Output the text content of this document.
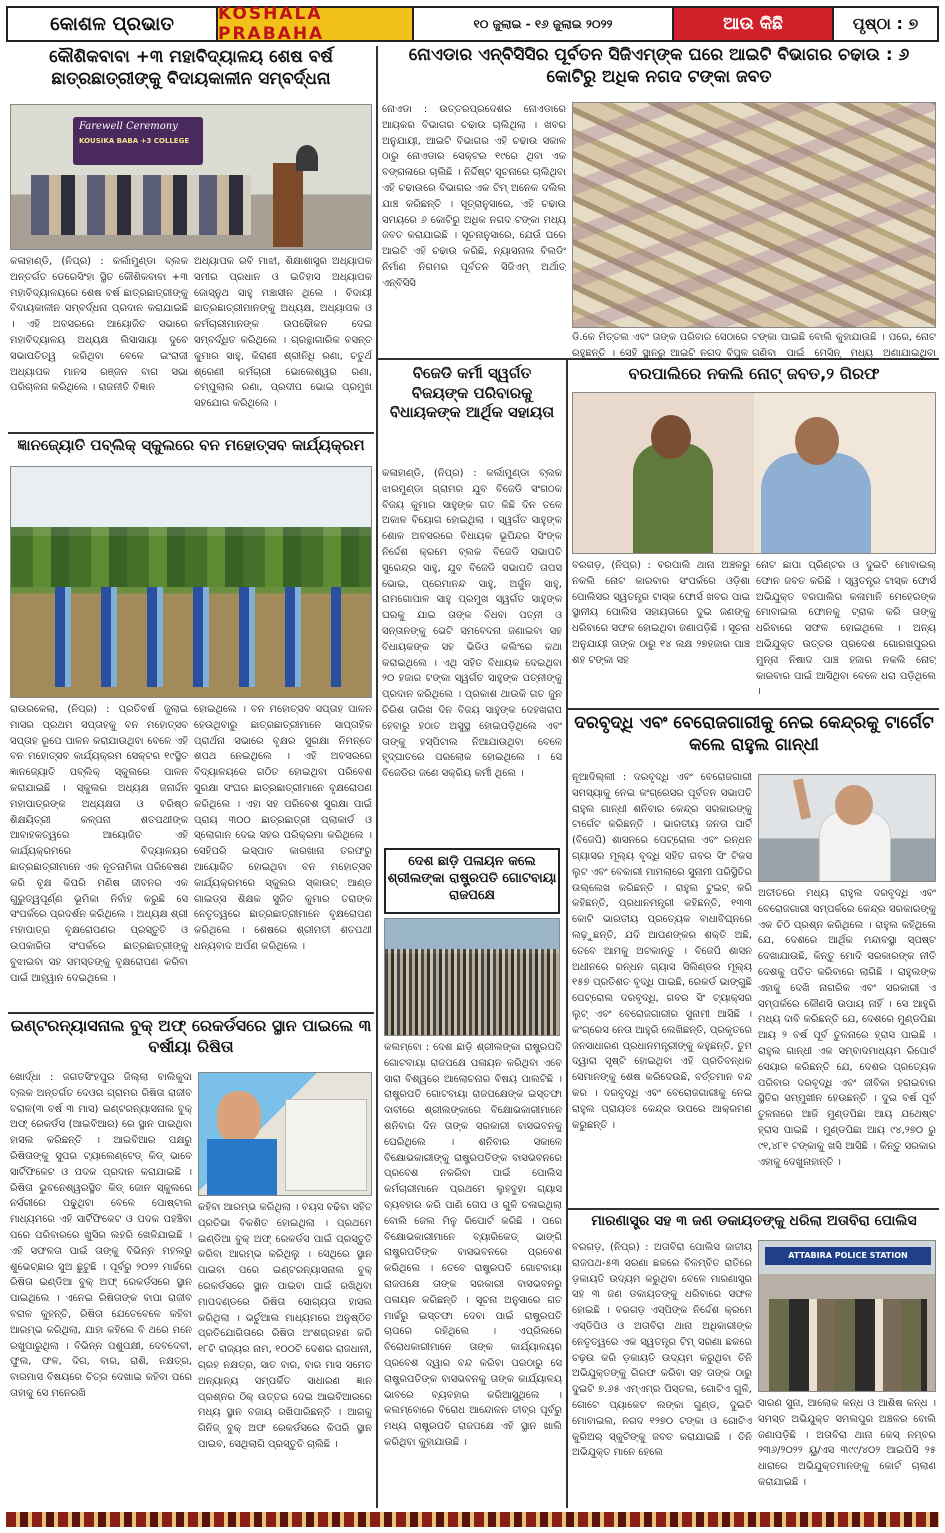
କୋଶଳ ପ୍ରଭାତ	KOSHALA PRABAHA
୧୦ ଜୁଲାଇ - ୧୬ ଜୁଲାଇ ୨୦୨୨	ଆଉ କିଛି	ପୃଷ୍ଠା : ୭
କୌଶିକବାବା +୩ ମହାବିଦ୍ୟାଳୟ ଶେଷ ବର୍ଷ ଛାତ୍ରଛାତ୍ରୀଙ୍କୁ ବିଦାୟକାଳୀନ ସମ୍ବର୍ଦ୍ଧନା
Farewell Ceremony
KOUSIKA BABA +3 COLLEGE
କଳାହାଣ୍ଡି, (ନିପ୍ର) : କର୍ଲାମୁଣ୍ଡା ବ୍ଲକ ଅନ୍ତର୍ଗତ ଡେରେସିଂହା ସ୍ଥିତ କୌଶିକବାବା +୩ ମହାବିଦ୍ୟାଳୟରେ ଶେଷ ବର୍ଷ ଛାତ୍ରଛାତ୍ରୀଙ୍କୁ ବିଦାୟକାଳୀନ ସମ୍ବର୍ଦ୍ଧନା ପ୍ରଦାନ କରାଯାଇଛି । ଏହି ଅବସରରେ ଆୟୋଜିତ ସଭାରେ ମହାବିଦ୍ୟାଳୟ ଅଧ୍ୟକ୍ଷ ଲିସାସାୟା ଦୁବେ ସଭାପତିତ୍ୱ କରିଥିବା ବେଳେ ଇଂରାଜୀ ଅଧ୍ୟାପକ ମାନସ ରଞ୍ଜନ ବାଗ ସଭା ପରିଚାଳନା କରିଥିଲେ । ରାଜନୀତି ବିଜ୍ଞାନ
ଅଧ୍ୟାପକ ରବି ମାଝୀ, ଶିକ୍ଷାଶାସ୍ତ୍ର ଅଧ୍ୟାପକ ସମୀର ପ୍ରଧାନ ଓ ଇତିହାସ ଅଧ୍ୟାପକ ଜୋସ୍ନୁଥ ସାହୁ ମଞ୍ଚାସୀନ ଥିଲେ । ବିଦାୟୀ ଛାତ୍ରଛାତ୍ରୀମାନଙ୍କୁ ଅଧ୍ୟକ୍ଷ, ଅଧ୍ୟାପକ ଓ କର୍ମଚାରୀମାନଙ୍କ ଉପଢୌକନ ଦେଇ ସମ୍ବର୍ଦ୍ଧିତ କରିଥିଲେ । ଗ୍ରନ୍ଥାଗାରିକ ବସନ୍ତ କୁମାର ସାହୁ, କିରାଣୀ ଶ୍ରୀନିଧି ରଣା, ଚତୁର୍ଥ ଶ୍ରେଣୀ କର୍ମଚାରୀ ଭୋଲେଶ୍ୱର ରଣା, ଚମ୍ପୁଲାଲ ରଣା, ପ୍ରଦୀପ ଭୋଇ ପ୍ରମୁଖ ସହଯୋଗ କରିଥିଲେ ।
ଜ୍ଞାନଜ୍ୟୋତି ପବ୍ଲିକ୍ ସ୍କୁଲରେ ବନ ମହୋତ୍ସବ କାର୍ଯ୍ୟକ୍ରମ
ରାଉରକେଲା, (ନିପ୍ର) : ପ୍ରତିବର୍ଷ ଜୁଲାଇ ମାସର ପ୍ରଥମ ସପ୍ତାହକୁ ବନ ମହୋତ୍ସବ ସପ୍ତାହ ରୂପେ ପାଳନ କରାଯାଉଥିବା ବେଳେ ଏହି ବନ ମହୋତ୍ସବ କାର୍ଯ୍ୟକ୍ରମ ସେକ୍ଟର ୧୯ସ୍ଥିତ ଜ୍ଞାନଜ୍ୟୋତି ପବ୍ଲିକ୍ ସ୍କୁଲରେ ପାଳନ କରାଯାଇଛି । ସ୍କୁଲର ଅଧ୍ୟକ୍ଷ ଜନାର୍ଦ୍ଦନ ମହାପାତ୍ରଙ୍କ ଅଧ୍ୟକ୍ଷତା ଓ ବରିଷ୍ଠ ଶିକ୍ଷୟିତ୍ରୀ କଳ୍ପନା ଶତପଥୀଙ୍କ ଆବାହକତ୍ୱରେ ଆୟୋଜିତ ଏହି କାର୍ଯ୍ୟକ୍ରମରେ ବିଦ୍ୟାଳୟର ଛାତ୍ରଛାତ୍ରୀମାନେ ଏକ ନୂତନାମିକା ପରିବେଷଣ କରି ବୃକ୍ଷ କିପରି ମଣିଷ ଜୀବନର ଏକ ଗୁରୁତ୍ୱପୂର୍ଣ୍ଣ ଭୂମିକା ନିର୍ବାହ କରୁଛି ସେ ସଂପର୍କରେ ପ୍ରଦର୍ଶନ କରିଥିଲେ । ଅଧ୍ୟକ୍ଷ ଶ୍ରୀ ମହାପାତ୍ର ବୃକ୍ଷରୋପଣର ପ୍ରସ୍ତୁତି ଓ ଉପକାରିତା ସଂପର୍କରେ ଛାତ୍ରଛାତ୍ରୀଙ୍କୁ ବୁଝାଇବା ସହ ସମସ୍ତଙ୍କୁ ବୃକ୍ଷରୋପଣ କରିବା ପାଇଁ ଆହ୍ୱାନ ଦେଇଥିଲେ ।
ହୋଇଥିଲେ । ବନ ମହୋତ୍ସବ ସପ୍ତାହ ପାଳନ ହେଉଥିବାରୁ ଛାତ୍ରଛାତ୍ରୀମାନେ ସାପ୍ତାହିକ ପ୍ରାର୍ଥନା ସଭାରେ ବୃକ୍ଷର ସୁରକ୍ଷା ନିମନ୍ତେ ଶପଥ ନେଇଥିଲେ । ଏହି ଅବସରରେ ବିଦ୍ୟାଳୟରେ ଗଠିତ ହୋଇଥିବା ପରିବେଶ ସୁରକ୍ଷା ସଂଘର ଛାତ୍ରଛାତ୍ରୀମାନେ ବୃକ୍ଷରୋପଣ କରିଥିଲେ । ଏହା ସହ ପରିବେଶ ସୁରକ୍ଷା ପାଇଁ ପ୍ରାୟ ୩୦୦ ଛାତ୍ରଛାତ୍ରୀ ପ୍ଲାକାର୍ଡ ଓ ସ୍ଲୋଗାନ ଦେଇ ସହର ପରିକ୍ରମା କରିଥିଲେ । ସେହିପରି ଇସ୍ପାତ କାରଖାନା ତରଫରୁ ଆୟୋଜିତ ହୋଇଥିବା ବନ ମହୋତ୍ସବ କାର୍ଯ୍ୟକ୍ରମରେ ସ୍କୁଲର ସ୍କାଉଟ୍ ଆଣ୍ଡ ଗାଇଡ୍ସ ଶିକ୍ଷକ ସୁଜିତ କୁମାର ତରାଙ୍କ ନେତୃତ୍ୱରେ ଛାତ୍ରଛାତ୍ରୀମାନେ ବୃକ୍ଷରୋପଣ କରିଥିଲେ । ଶେଷରେ ଶ୍ରୀମତୀ ଶତପଥୀ ଧନ୍ୟବାଦ ଅର୍ପଣ କରିଥିଲେ ।
ଇଣ୍ଟରନ୍ୟାସନାଲ ବୁକ୍ ଅଫ୍ ରେକର୍ଡସରେ ସ୍ଥାନ ପାଇଲେ ୩ ବର୍ଷୀୟା ରିଷିତା
ଖୋର୍ଦ୍ଧା : ଜଗତସିଂହପୁର ଜିଲ୍ଲା ବାଲିକୁଦା ବ୍ଲକ ଅନ୍ତର୍ଗତ ଦେଓଗ ଗ୍ରାମର ରିଷିତା ରାଜୀବ ବରାଳ(୩ ବର୍ଷ ୩ ମାସ) ଇଣ୍ଟରନ୍ୟାସନାଲ ବୁକ୍ ଅଫ୍ ରେକର୍ଡସ (ଆଇବିଆର) ରେ ସ୍ଥାନ ପାଇଥିବା ହାସଲ କରିଛନ୍ତି । ଆଇବିଆର ପକ୍ଷରୁ ରିଷିତାଙ୍କୁ ସୁପର ଟ୍ୟାଲେଣ୍ଟେଡ୍ କିଡ୍ ଭାବେ ସାର୍ଟିଫିକେଟ ଓ ପଦକ ପ୍ରଦାନ କରାଯାଇଛି । ରିଷିତା ଭୁବନେଶ୍ୱରସ୍ଥିତ କିଡ୍ ଜୋନ ସ୍କୁଲରେ ନର୍ସରୀରେ ପଢୁଥିବା ବେଳେ ପୋଷ୍ଟାଲ ମାଧ୍ୟମରେ ଏହି ସାର୍ଟିଫିକେଟ ଓ ପଦକ ପହଞ୍ଚିବା ପରେ ପରିବାରରେ ଖୁସିର ଲହରି ଖେଳିଯାଇଛି । ଏହି ସଫଳତା ପାଇଁ ତାଙ୍କୁ ବିଭିନ୍ନ ମହଲରୁ ଶୁଭେଚ୍ଛାର ସୁଅ ଛୁଟୁଛି । ପୂର୍ବରୁ ୨୦୨୨ ମାର୍ଚ୍ଚରେ ରିଷିତା ଇଣ୍ଡିଆ ବୁକ୍ ଅଫ୍ ରେକର୍ଡସରେ ସ୍ଥାନ ପାଇଥିଲେ । ଏନେଇ ରିଷିତାଙ୍କ ବାପା ରାଜୀବ ବରାଳ କୁହନ୍ତି, ରିଷିତା ଯେତେବେଳେ କହିବା ଆରମ୍ଭ କରିଥିଲା, ଯାହା କହିଲେ ବି ଥରେ ମନେ ରଖୁପାରୁଥିଲା । ବିଭିନ୍ନ ପଶୁପକ୍ଷୀ, ଦେବଦେବୀ, ଫୁଲ, ଫଳ, ଦିଗ, ବାର, ରାଶି, ନକ୍ଷତ୍ର, ବାରମାସ ବିଷୟରେ ଚିତ୍ର ଦେଖାଇ କହିବା ପରେ ତାହାକୁ ସେ ମନେରଖି
କହିବା ଆରମ୍ଭ କରିଥିଲା । ବୟସ ବଢିବା ସହିତ ପ୍ରତିଭା ବିକଶିତ ହୋଇଥିଲା । ପ୍ରଥମେ ଇଣ୍ଡିଆ ବୁକ୍ ଅଫ୍ ରେକର୍ଡସ ପାଇଁ ପ୍ରସ୍ତୁତି କରିବା ଆରମ୍ଭ କରିଥିଲୁ । ସେଥିରେ ସ୍ଥାନ ପାଇବା ପରେ ଇଣ୍ଟରନ୍ୟାସନାଲ ବୁକ୍ ରେକର୍ଡସରେ ସ୍ଥାନ ପାଇବା ପାଇଁ ରଖିଥିବା ମାପଦଣ୍ଡରେ ରିଷିତା ସୋଗ୍ୟତା ହାସଲ କରିଥିଲା । ଭର୍ଚୁଆଲ ମାଧ୍ୟମରେ ଅନୁଷ୍ଠିତ ପ୍ରତିଯୋଗିତାରେ ରିଷିତା ଅଂଶଗ୍ରହଣ କରି ୧୮ଟି ରାଜ୍ୟର ନାମ, ୧୦୦ଟି ଦେଶର ରାଜଧାନୀ, ଗ୍ରହ ନକ୍ଷତ୍ର, ସାତ ବାର, ବାର ମାସ ସମେତ ଅନ୍ୟାନ୍ୟ ସମ୍ପର୍କିତ ସାଧାରଣ ଜ୍ଞାନ ପ୍ରଶ୍ନର ଠିକ୍ ଉତ୍ତର ଦେଇ ଆଇବିଆରରେ ମଧ୍ୟ ସ୍ଥାନ ବଜାୟ ରଖିପାରିଛନ୍ତି । ଆଗକୁ ଗିନିଜ୍ ବୁକ୍ ଅଫ ରେକର୍ଡସରେ କିପରି ସ୍ଥାନ ପାଇବ, ସେଥିଲାଗି ପ୍ରସ୍ତୁତି ଚାଲିଛି ।
ନୋଏଡାର ଏନ୍‌ବିସିସିର ପୂର୍ବତନ ସିଜିଏମ୍‌ଙ୍କ ଘରେ ଆଇଟି ବିଭାଗର ଚଢାଉ : ୬ କୋଟିରୁ ଅଧିକ ନଗଦ ଟଙ୍କା ଜବତ
ନୋଏଡା : ଉତ୍ତରପ୍ରଦେଶର ନୋଏଡାରେ ଆୟକର ବିଭାଗର ଚଢାଉ ଚାଲିଥିଲା । ଖବର ଅନୁଯାୟୀ, ଆଇଟି ବିଭାଗର ଏହି ଚଢାଉ ସକାଳ ଠାରୁ ନୋଏଡାର ସେକ୍ଟର ୧୯ରେ ଥିବା ଏକ ବଙ୍ଗଳାରେ ଚାଲିଛି । ନିର୍ଦ୍ଦିଷ୍ଟ ସୂଚନାରେ ଚାଲିଥିବା ଏହି ଚଢାଉରେ ବିଭାଗର ଏକ ଟିମ୍ ଅନେକ ଦଲିଲ ଯାଞ୍ଚ କରିଛନ୍ତି । ସୂତ୍ରାନୁସାରେ, ଏହି ଚଢାଉ ସମୟରେ ୬ କୋଟିରୁ ଅଧିକ ନଗଦ ଟଙ୍କା ମଧ୍ୟ ଜବତ କରାଯାଇଛି । ସୂଚନାନୁସାରେ, ଯେଉଁ ଘରେ ଆଇଟି ଏହି ଚଢାଉ କରିଛି, ନ୍ୟାସନାଲ ବିଲଡିଂ ନିର୍ମାଣ ନିଗମର ପୂର୍ବତନ ସିଜିଏମ୍ ଅର୍ଥାତ୍ ଏନ୍‌ବିସିସି
ଡି.କେ ମିତ୍ତଲ ଏବଂ ତାଙ୍କ ପରିବାର ସେଠାରେ ରହୁଛନ୍ତି । ସେହି ସ୍ଥାନରୁ ଆଇଟି ନଗଦ ବିପୁଳ
ଟଙ୍କା ପାଇଛି ବୋଲି କୁହାଯାଉଛି । ପରେ, ନୋଟ ଗଣିବା ପାଇଁ ମେସିନ୍ ମଧ୍ୟ ଅଣାଯାଇଥିବା
ବିଜେଡି କର୍ମୀ ସ୍ୱର୍ଗତ ବିଜୟଙ୍କ ପରିବାରକୁ ବିଧାୟକଙ୍କ ଆର୍ଥିକ ସହାୟତା
କଳାହାଣ୍ଡି, (ନିପ୍ର) : କର୍ଲାମୁଣ୍ଡା ବ୍ଲକ ଝାରମୁଣ୍ଡା ଗ୍ରାମର ଯୁବ ବିଜେଡି ସଂଗଠକ ବିଜୟ କୁମାର ସାହୁଙ୍କ ଗତ କିଛି ଦିନ ତଳେ ଅକାଳ ବିୟୋଗ ହୋଇଥିଲା । ସ୍ୱର୍ଗତ ସାହୁଙ୍କ ଶୋକ ଅବସରରେ ବିଧାୟକ ଭୂପିନ୍ଦର ସିଂଙ୍କ ନିର୍ଦ୍ଦେଶ କ୍ରମେ ବ୍ଲକ ବିଜେଡି ସଭାପତି ସୁରେନ୍ଦ୍ର ସାହୁ, ଯୁବ ବିଜେଡି ସଭାପତି ତାପସ ଭୋଇ, ପ୍ରେମାନନ୍ଦ ସାହୁ, ଅର୍ଜୁନ ସାହୁ, ରାମଗୋପାଳ ସାହୁ ପ୍ରମୁଖ ସ୍ୱର୍ଗତ ସାହୁଙ୍କ ଘରକୁ ଯାଇ ତାଙ୍କ ବିଧବା ପତ୍ନୀ ଓ ସନ୍ତାନଙ୍କୁ ଭେଟି ସମବେଦନା ଜଣାଇବା ସହ ବିଧାୟକଙ୍କ ସହ ଭିଡିଓ କଲିଂରେ କଥା କରାଇଥିଲେ । ଏଥି ସହିତ ବିଧାୟକ ଦେଇଥିବା ୨୦ ହଜାର ଟଙ୍କା ସ୍ୱର୍ଗତ ସାହୁଙ୍କ ପତ୍ନୀଙ୍କୁ ପ୍ରଦାନ କରିଥିଲେ । ପ୍ରକାଶ ଥାଉକି ଗତ ଜୁନ ଚିରିଶ ତାରିଖ ଦିନ ବିଜୟ ସାହୁଙ୍କ ଦେହଖରାପ ହେବାରୁ ହଠାତ ଅସୁସ୍ଥ ହୋଇପଡ଼ିଥିଲେ ଏବଂ ତାଙ୍କୁ ହସ୍ପିଟାଲ ନିଆଯାଉଥିବା ବେଳେ ହୃଦ୍‌ଘାତରେ ପରଲୋକ ହୋଇଥିଲେ । ସେ ବିଜେଡିର ଜଣେ ସକ୍ରିୟ କର୍ମୀ ଥିଲେ ।
ଦେଶ ଛାଡ଼ି ପଳାୟନ କଲେ ଶ୍ରୀଲଙ୍କା ରାଷ୍ଟ୍ରପତି ଗୋଟବାୟା ରାଜପକ୍ଷେ
କଲମ୍ବୋ : ଦେଶ ଛାଡ଼ି ଶ୍ରୀଲଙ୍କା ରାଷ୍ଟ୍ରପତି ଗୋଟବାୟା ରାଜପକ୍ଷେ ପଳାୟନ କରିଥିବା ଏବେ ସାରା ବିଶ୍ୱରେ ଆଲୋଚନାର ବିଷୟ ପାଲଟିଛି । ରାଷ୍ଟ୍ରପତି ଗୋଟବାୟା ରାଜପକ୍ଷେଙ୍କ ଇସ୍ତଫା ଦାବୀରେ ଶ୍ରୀଲଙ୍କାରେ ବିକ୍ଷୋଭକାରୀମାନେ ଶନିବାର ଦିନ ତାଙ୍କ ସରକାରୀ ବାସଭବନକୁ ଘେରିଥିଲେ । ଶନିବାର ସକାଳେ ବିକ୍ଷୋଭକାରୀଙ୍କୁ ରାଷ୍ଟ୍ରପତିଙ୍କ ବାସଭବନରେ ପ୍ରବେଶ ନକରିବା ପାଇଁ ପୋଲିସ କର୍ମଚାରୀମାନେ ପ୍ରଥମେ ଲୁହବୁହା ଗ୍ୟାସ ବ୍ୟବହାର କରି ପାଣି ତୋପ ଓ ଗୁଳି ଚଳାଇଥିଲା ବୋଲି ଜେଲ ମିଳୁ ରିପୋର୍ଟ କରିଛି । ପରେ ବିକ୍ଷୋଭକାରୀମାନେ ବ୍ୟାରିକେଡ୍ ଭାଙ୍ଗି ରାଷ୍ଟ୍ରପତିଙ୍କ ବାସଭବନରେ ପ୍ରବେଶ କରିଥିଲେ । ତେବେ ରାଷ୍ଟ୍ରପତି ଗୋଟବାୟା ରାଜପକ୍ଷେ ତାଙ୍କ ସରକାରୀ ବାସଭବନରୁ ପଳାୟନ କରିଛନ୍ତି । ସୂଚନା ଅନୁସାରେ ଗତ ମାର୍ଚ୍ଚରୁ ଇସ୍ତଫା ଦେବା ପାଇଁ ରାଷ୍ଟ୍ରପତି ଚାପରେ ରହିଥିଲେ । ଏପ୍ରିଲରେ ବିରୋଧକାରୀମାନେ ତାଙ୍କ କାର୍ଯ୍ୟାଳୟର ପ୍ରବେଶ ଦ୍ୱାର ବନ୍ଦ କରିବା ପରଠାରୁ ସେ ରାଷ୍ଟ୍ରପତିଙ୍କ ବାସଭବନକୁ ତାଙ୍କ କାର୍ଯ୍ୟାଳୟ ଭାବରେ ବ୍ୟବହାର କରିଆସୁଥିଲେ । କଲମ୍ବୋରେ ବିରୋଧ ଆନ୍ଦୋଳନ ତୀବ୍ର ପୂର୍ବରୁ ମଧ୍ୟ ରାଷ୍ଟ୍ରପତି ରାଜପକ୍ଷେ ଏହି ସ୍ଥାନ ଖାଲି କରିଥିବା କୁହାଯାଉଛି ।
ବରପାଲିରେ ନକଲି ନୋଟ୍ ଜବତ,୨ ଗିରଫ
ବରଗଡ଼, (ନିପ୍ର) : ବରପାଲି ଥାନା ଅଞ୍ଚଳରୁ ନକଲି ନୋଟ କାରବାର ସଂପର୍କରେ ଓଡ଼ିଶା ପୋଲିସର ସ୍ୱତନ୍ତ୍ର ଟାସ୍କ ଫୋର୍ସ ଖବର ପାଇ ସ୍ଥାନୀୟ ପୋଲିସ ସହାୟତାରେ ଦୁଇ ଜଣଙ୍କୁ ଧରିବାରେ ସଫଳ ହୋଇଥିବା ଜଣାପଡ଼ିଛି । ସୂଚନା ଅନୁଯାୟୀ ତାଙ୍କ ଠାରୁ ୧୪ ଲକ୍ଷ ୨୭ହଜାର ପାଞ୍ଚ ଶହ ଟଙ୍କା ସହ
ନୋଟ ଛାପା ପ୍ରିଣ୍ଟର ଓ ଦୁଇଟି ମୋବାଇଲ୍ ଫୋନ ଜବତ କରିଛି । ସ୍ୱତନ୍ତ୍ର ଟାସ୍କ ଫୋର୍ସ ଅଭିଯୁକ୍ତ ବରପାଲିର କଳାମାନି ମେହେରଙ୍କ ମୋବାଇଲ ଫୋନକୁ ଟ୍ରାକ କରି ତାଙ୍କୁ ଧରିବାରେ ସଫଳ ହୋଇଥିଲେ । ଅନ୍ୟ ଅଭିଯୁକ୍ତ ଉତ୍ତର ପ୍ରଦେଶ ଗୋରଖପୁରର ମୁନ୍ନା ନିଷାଦ ପାଞ୍ଚ ହଜାର ନକଲି ନୋଟ୍ କାରବାର ପାଇଁ ଆସିଥିବା ବେଳେ ଧରା ପଡ଼ିଥିଲେ ।
ଦରବୃଦ୍ଧି ଏବଂ ବେରୋଜଗାରୀକୁ ନେଇ କେନ୍ଦ୍ରକୁ ଟାର୍ଗେଟ କଲେ ରାହୁଲ ଗାନ୍ଧୀ
ନୂଆଦିଲ୍ଲୀ : ଦରବୃଦ୍ଧି ଏବଂ ବେରୋଜଗାରୀ ସମସ୍ୟାକୁ ନେଇ କଂଗ୍ରେସର ପୂର୍ବତନ ସଭାପତି ରାହୁଲ ଗାନ୍ଧୀ ଶନିବାର କେନ୍ଦ୍ର ସରକାରଙ୍କୁ ଟାର୍ଗେଟ କରିଛନ୍ତି । ଭାରତୀୟ ଜନତା ପାର୍ଟି (ବିଜେପି) ଶାସନରେ ପେଟ୍ରୋଲ ଏବଂ ରନ୍ଧନ ଗ୍ୟାସର ମୂଲ୍ୟ ବୃଦ୍ଧି ସହିତ ଗବର ସିଂ ଟିକସ ଲୁଟ ଏବଂ ବେକାରୀ ମାମଲାରେ ସୁନାମୀ ପରିସ୍ଥିତିର ଉଲ୍ଲେଖ କରିଛନ୍ତି । ରାହୁଲ ଟୁଇଟ୍ କରି କହିଛନ୍ତି, ପ୍ରଧାନମନ୍ତ୍ରୀ କହିଛନ୍ତି, ୧୩୩ କୋଟି ଭାରତୀୟ ପ୍ରତ୍ୟେକ ବାଧାବିଘ୍ନରେ ଲଢ଼ୁଛନ୍ତି, ଯଦି ଆପଣଙ୍କର ଶକ୍ତି ଅଛି, ତେବେ ଆମକୁ ଅଟକାନ୍ତୁ । ବିଜେପି ଶାସନ ଅଧୀନରେ ରନ୍ଧନ ଗ୍ୟାସ ସିଲିଣ୍ଡର ମୂଲ୍ୟ ୧୫୭ ପ୍ରତିଶତ ବୃଦ୍ଧି ପାଇଛି, ରେକର୍ଡ ଭାଙ୍ଗୁଛି ପେଟ୍ରୋଲ ଦରବୃଦ୍ଧି, ଗବର ସିଂ ଟ୍ୟାକ୍ସର ଲୁଟ୍ ଏବଂ ବେରୋଜଗାରୀର ସୁନାମୀ ଆସିଛି । କଂଗ୍ରେସ ନେତା ଆହୁରି ଲେଖିଛନ୍ତି, ପ୍ରକୃତରେ ଜନସାଧାରଣ ପ୍ରଧାନମନ୍ତ୍ରୀଙ୍କୁ କହୁଛନ୍ତି, ତୁମ ଦ୍ୱାରା ସୃଷ୍ଟି ହୋଇଥିବା ଏହି ପ୍ରତିବନ୍ଧକ ସେମାନଙ୍କୁ ଶେଷ କରିଦେଉଛି, ବର୍ତ୍ତମାନ ବନ୍ଦ କର । ଦରବୃଦ୍ଧି ଏବଂ ବେରୋଜଗାରୀକୁ ନେଇ ରାହୁଲ ପ୍ରାୟତଃ କେନ୍ଦ୍ର ଉପରେ ଆକ୍ରମଣ କରୁଛନ୍ତି ।
ଅତୀତରେ ମଧ୍ୟ ରାହୁଲ ଦରବୃଦ୍ଧି ଏବଂ ବେରୋଜଗାରୀ ସମ୍ପର୍କରେ କେନ୍ଦ୍ର ସରକାରଙ୍କୁ ଏକ ଚିଠି ପ୍ରଶ୍ନ କରିଥିଲେ । ରାହୁଲ କହିଥିଲେ ଯେ, ଦେଶରେ ଆର୍ଥିକ ମନ୍ଦାବସ୍ଥା ସ୍ପଷ୍ଟ ଦେଖାଯାଉଛି, କିନ୍ତୁ ମୋଦି ସରକାରଙ୍କ ନୀତି ଦେଶକୁ ପତିତ କରିବାରେ ଲାଗିଛି । ରାହୁଲଙ୍କ ଏହାକୁ ଦେଖି ନାଗରିକ ଏବଂ ସରକାରୀ ଏ ସମ୍ପର୍କରେ କୌଣସି ଉପାୟ ନାହିଁ । ସେ ଆହୁରି ମଧ୍ୟ ଦାବି କରିଛନ୍ତି ଯେ, ଦେଶରେ ମୁଣ୍ଡପିଛା ଆୟ ୨ ବର୍ଷ ପୂର୍ବ ତୁଳନାରେ ହ୍ରାସ ପାଇଛି । ରାହୁଲ ଗାନ୍ଧୀ ଏକ ସମ୍ବାଦମାଧ୍ୟମ ରିପୋର୍ଟ ସେୟାର କରିଛନ୍ତି ଯେ, ଦେଶର ପ୍ରତ୍ୟେକ ପରିବାର ଦରବୃଦ୍ଧି ଏବଂ ଜୀବିକା ହରାଇବାର ସ୍ଥିତିର ସମ୍ମୁଖୀନ ହେଉଛନ୍ତି । ଦୁଇ ବର୍ଷ ପୂର୍ବ ତୁଳନାରେ ଆଜି ମୁଣ୍ଡପିଛା ଆୟ ଯଥେଷ୍ଟ ହ୍ରାସ ପାଇଛି । ମୁଣ୍ଡପିଛା ଆୟ ୯୪,୨୭୦ ରୁ ୯୧,୪୮୧ ଟଙ୍କାକୁ ଖସି ଆସିଛି । କିନ୍ତୁ ସରକାର ଏହାକୁ ଦେଖୁନାହାନ୍ତି ।
ମାରଣାସ୍ତ୍ର ସହ ୩ ଜଣ ଡକାୟତଙ୍କୁ ଧରିଲା ଅତାବିରା ପୋଲିସ
ବରଗଡ଼, (ନିପ୍ର) : ଅତାବିରା ପୋଲିସ ଜାତୀୟ ରାଜପଥ-୫୩ ସରଣା ଛକରେ ବିଳମ୍ବିତ ରାତିରେ ଡ଼କାୟତି ଉଦ୍ୟମ କରୁଥିବା ବେଳେ ମାରଣାସ୍ତ୍ର ସହ ୩ ଜଣ ଡକାୟତଙ୍କୁ ଧରିବାରେ ସଫଳ ହୋଇଛି । ବରଗଡ଼ ଏସ୍‌ପିଙ୍କ ନିର୍ଦ୍ଦେଶ କ୍ରମେ ଏସ୍‌ଡିପିଓ ଓ ଅତାବିରା ଥାନା ଅଧିକାରୀଙ୍କ ନେତୃତ୍ୱରେ ଏକ ସ୍ୱତନ୍ତ୍ର ଟିମ୍ ସରଣା ଛକରେ ଚଢ଼ଉ କରି ଡ଼କାୟତି ଉଦ୍ୟମ କରୁଥିବା ତିନି ଅଭିଯୁକ୍ତଙ୍କୁ ଗିରଫ କରିବା ସହ ତାଙ୍କ ଠାରୁ ଦୁଇଟି ୭.୬୫ ଏମ୍‌ଏମ୍‌ର ପିସ୍ତଲ, ଗୋଟିଏ ଗୁଳି, ଗୋଟେ ପ୍ୟାକେଟ ଲଙ୍କା ଗୁଣ୍ଡ, ଦୁଇଟି ମୋବାଇଲ, ନଗଦ ୧୨୭୦ ଟଙ୍କା ଓ ଗୋଟିଏ କୁରିଅର୍ ସ୍କୁଟିଙ୍କୁ ଜବତ କରାଯାଇଛି । ତିନି ଅଭିଯୁକ୍ତ ମାନେ ହେଲେ
ATTABIRA POLICE STATION
ସାରଣ ସୁନା, ଆଲୋକ କନ୍ଧ ଓ ଆଶିଷ କନ୍ଧ । ସମସ୍ତ ଅଭିଯୁକ୍ତ ସମଲପୁର ଅଞ୍ଚଳର ବୋଲି ଜଣାପଡ଼ିଛି । ଅତାବିରା ଥାନା କେସ୍ ନମ୍ବର ୨୩୬/୨୦୨୨ ୟୁ/ଏସ ୩୯୯/୪୦୨ ଆଇପିସି ୨୫ ଧାରାରେ ଅଭିଯୁକ୍ତମାନଙ୍କୁ କୋର୍ଟ ଚାଲାଣ କରାଯାଇଛି ।
